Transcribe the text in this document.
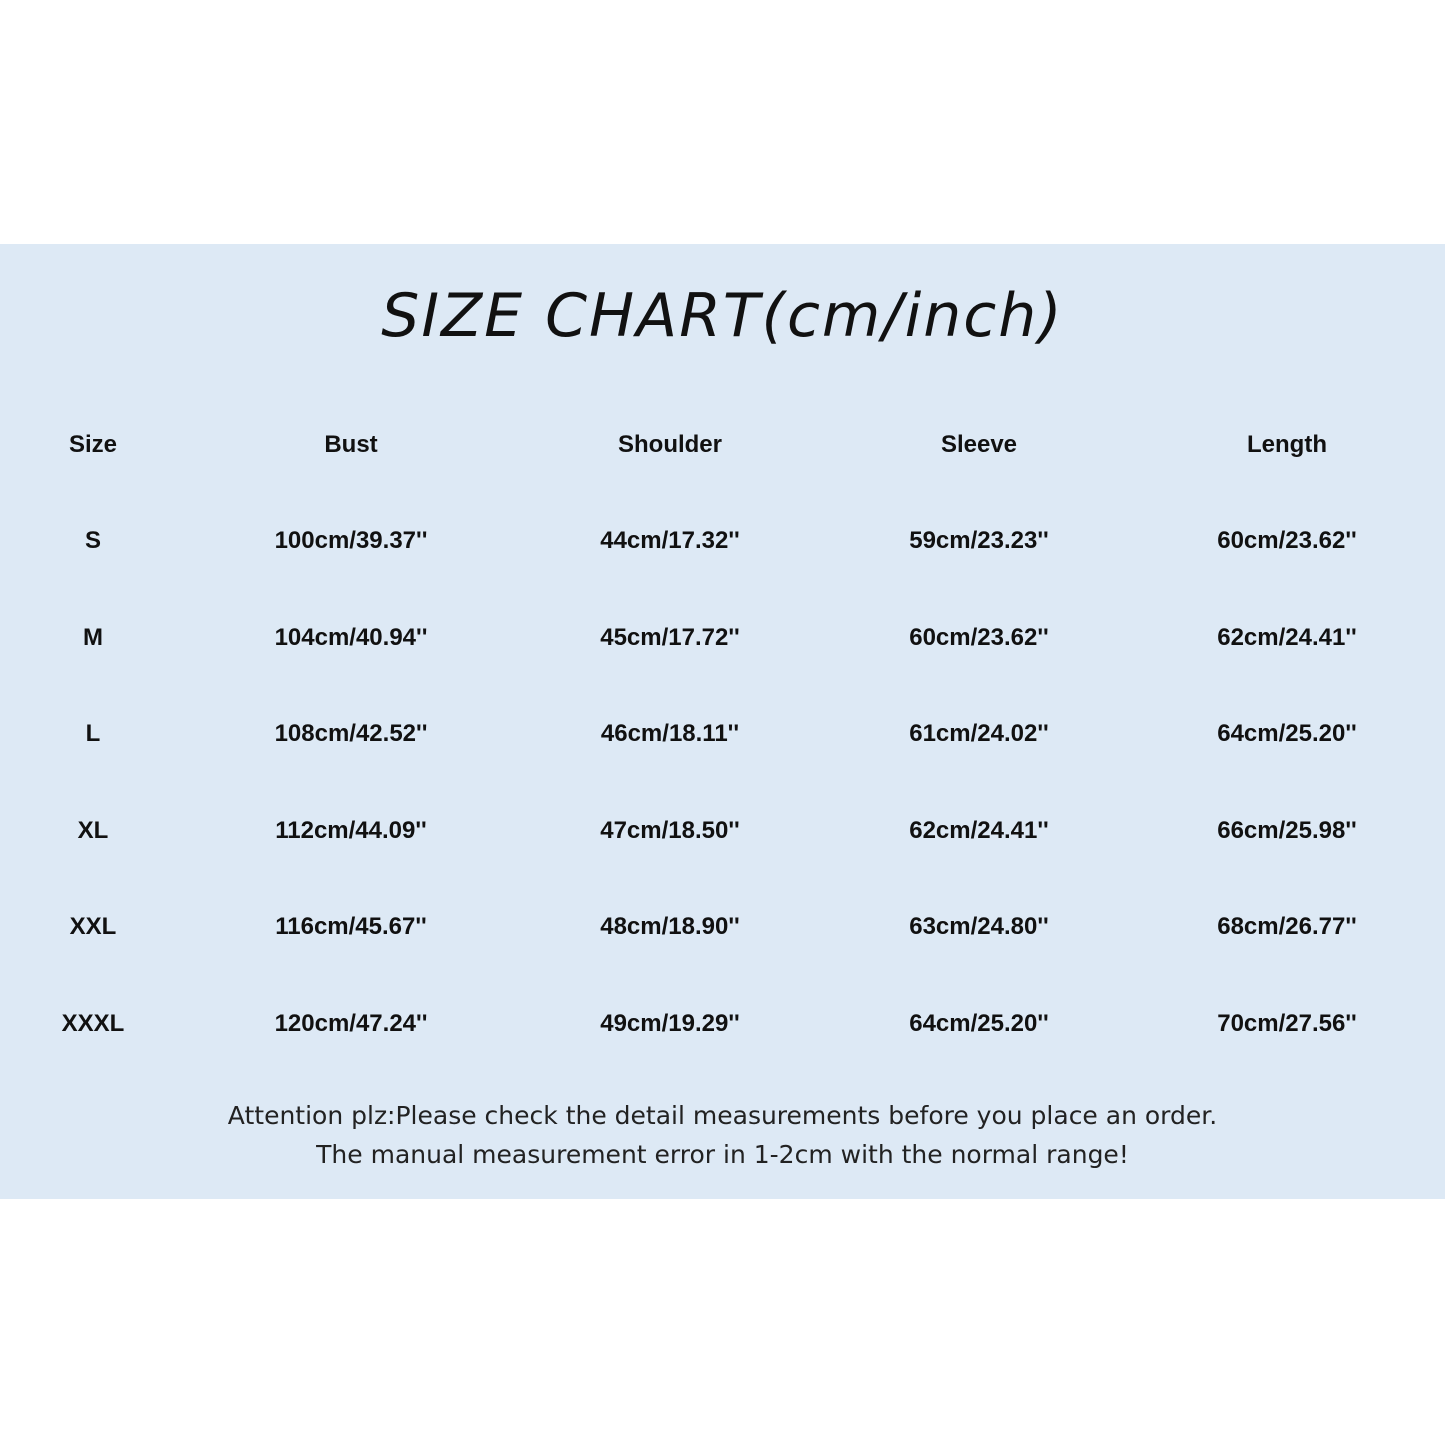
SIZE CHART(cm/inch)
Size	Bust	Shoulder	Sleeve	Length
S	100cm/39.37''	44cm/17.32''	59cm/23.23''	60cm/23.62''
M	104cm/40.94''	45cm/17.72''	60cm/23.62''	62cm/24.41''
L	108cm/42.52''	46cm/18.11''	61cm/24.02''	64cm/25.20''
XL	112cm/44.09''	47cm/18.50''	62cm/24.41''	66cm/25.98''
XXL	116cm/45.67''	48cm/18.90''	63cm/24.80''	68cm/26.77''
XXXL	120cm/47.24''	49cm/19.29''	64cm/25.20''	70cm/27.56''
Attention plz:Please check the detail measurements before you place an order.
The manual measurement error in 1-2cm with the normal range!
